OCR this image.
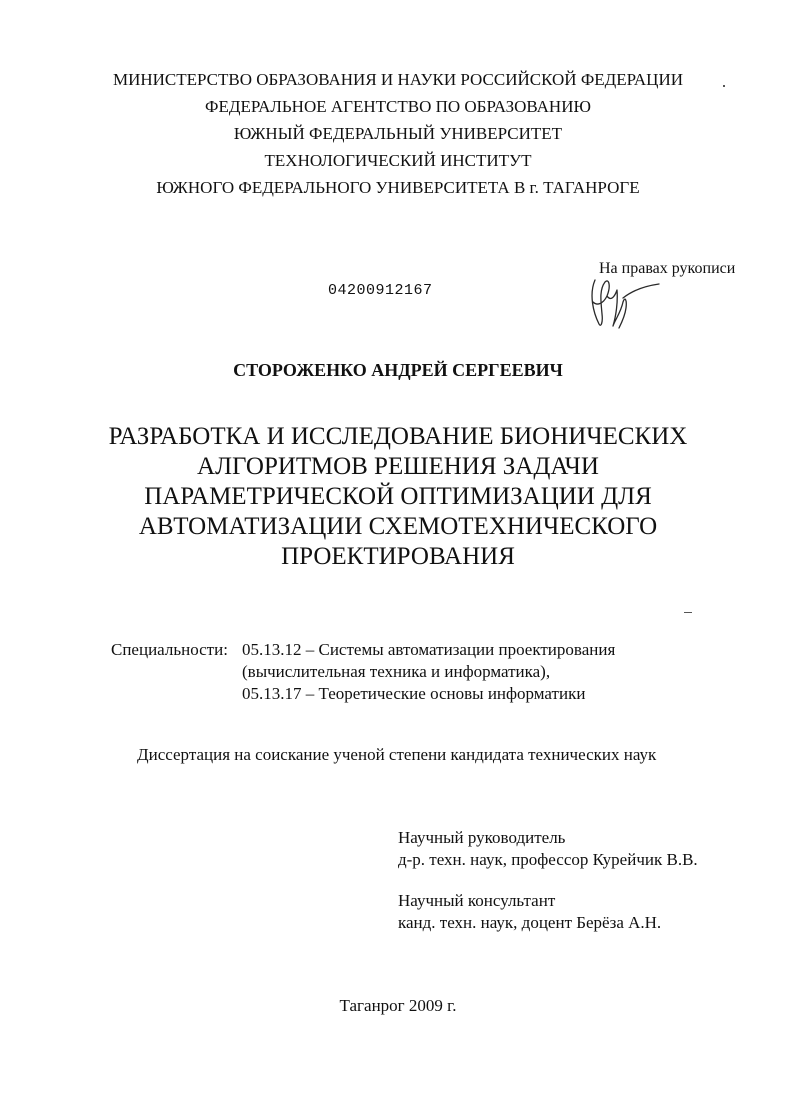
МИНИСТЕРСТВО ОБРАЗОВАНИЯ И НАУКИ РОССИЙСКОЙ ФЕДЕРАЦИИ
ФЕДЕРАЛЬНОЕ АГЕНТСТВО ПО ОБРАЗОВАНИЮ
ЮЖНЫЙ ФЕДЕРАЛЬНЫЙ УНИВЕРСИТЕТ
ТЕХНОЛОГИЧЕСКИЙ ИНСТИТУТ
ЮЖНОГО ФЕДЕРАЛЬНОГО УНИВЕРСИТЕТА В г. ТАГАНРОГЕ
04200912167
На правах рукописи
СТОРОЖЕНКО АНДРЕЙ СЕРГЕЕВИЧ
РАЗРАБОТКА И ИССЛЕДОВАНИЕ БИОНИЧЕСКИХ
АЛГОРИТМОВ РЕШЕНИЯ ЗАДАЧИ
ПАРАМЕТРИЧЕСКОЙ ОПТИМИЗАЦИИ ДЛЯ
АВТОМАТИЗАЦИИ СХЕМОТЕХНИЧЕСКОГО
ПРОЕКТИРОВАНИЯ
Специальности: 05.13.12 – Системы автоматизации проектирования
(вычислительная техника и информатика),
05.13.17 – Теоретические основы информатики
Диссертация на соискание ученой степени кандидата технических наук
Научный руководитель
д-р. техн. наук, профессор Курейчик В.В.
Научный консультант
канд. техн. наук, доцент Берёза А.Н.
Таганрог 2009 г.
